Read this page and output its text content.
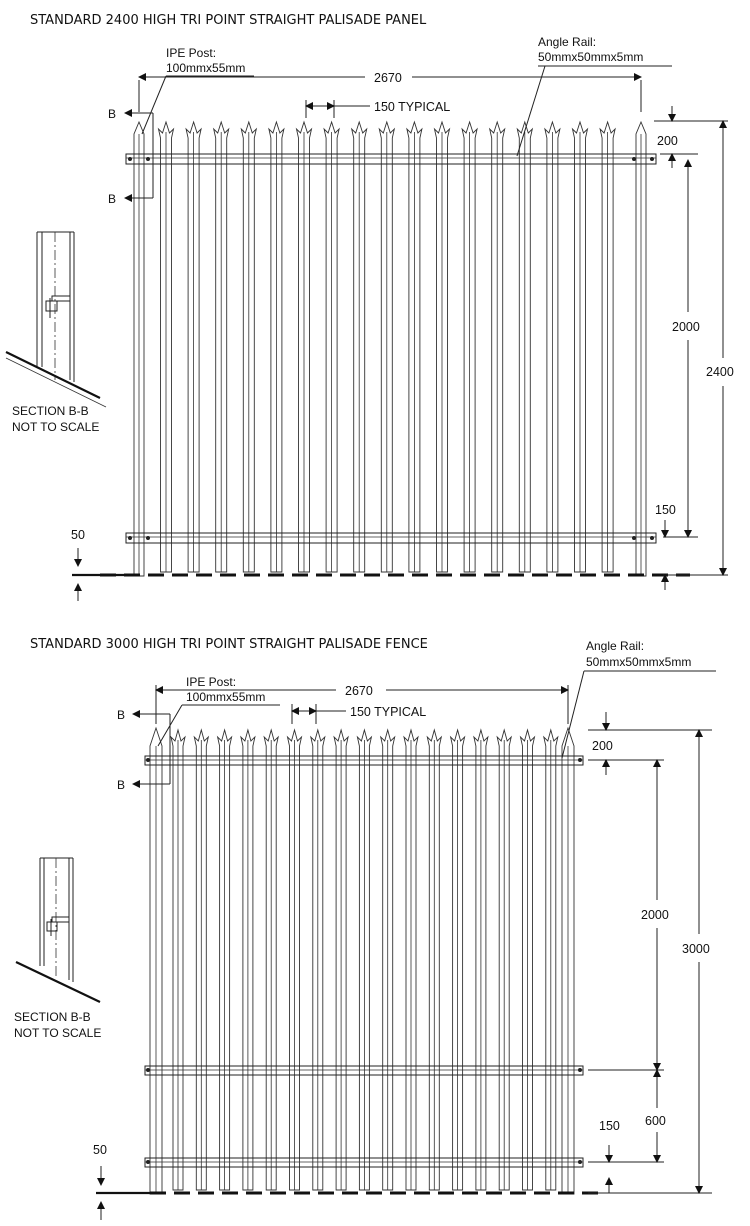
STANDARD 2400 HIGH TRI POINT STRAIGHT PALISADE PANEL
2670
150 TYPICAL
IPE Post:
100mmx55mm
Angle Rail:
50mmx50mmx5mm
B
B
200
2000
150
2400
50
SECTION B-B
NOT TO SCALE
STANDARD 3000 HIGH TRI POINT STRAIGHT PALISADE FENCE
2670
150 TYPICAL
IPE Post:
100mmx55mm
Angle Rail:
50mmx50mmx5mm
B
B
200
2000
600
150
3000
50
SECTION B-B
NOT TO SCALE
